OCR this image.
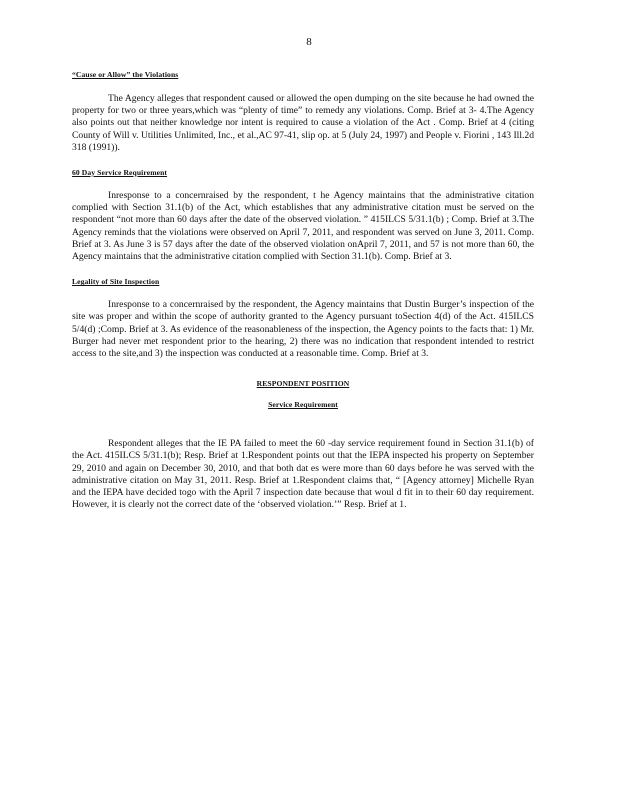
8
“Cause or Allow” the Violations

The Agency alleges that respondent caused or allowed the open dumping on the site because he had owned the property for two or three years,which was “plenty of time” to remedy any violations. Comp. Brief at 3- 4.The Agency also points out that neither knowledge nor intent is required to cause a violation of the Act . Comp. Brief at 4 (citing County of Will v. Utilities Unlimited, Inc., et al.,AC 97-41, slip op. at 5 (July 24, 1997) and People v. Fiorini , 143 Ill.2d 318 (1991)).

60 Day Service Requirement

Inresponse to a concernraised by the respondent, t he Agency maintains that the administrative citation complied with Section 31.1(b) of the Act, which establishes that any administrative citation must be served on the respondent “not more than 60 days after the date of the observed violation. ” 415ILCS 5/31.1(b) ; Comp. Brief at 3.The Agency reminds that the violations were observed on April 7, 2011, and respondent was served on June 3, 2011. Comp. Brief at 3. As June 3 is 57 days after the date of the observed violation onApril 7, 2011, and 57 is not more than 60, the Agency maintains that the administrative citation complied with Section 31.1(b). Comp. Brief at 3.

Legality of Site Inspection

Inresponse to a concernraised by the respondent, the Agency maintains that Dustin Burger’s inspection of the site was proper and within the scope of authority granted to the Agency pursuant toSection 4(d) of the Act. 415ILCS 5/4(d) ;Comp. Brief at 3. As evidence of the reasonableness of the inspection, the Agency points to the facts that: 1) Mr. Burger had never met respondent prior to the hearing, 2) there was no indication that respondent intended to restrict access to the site,and 3) the inspection was conducted at a reasonable time. Comp. Brief at 3.

RESPONDENT POSITION
Service Requirement

Respondent alleges that the IE PA failed to meet the 60 -day service requirement found in Section 31.1(b) of the Act. 415ILCS 5/31.1(b); Resp. Brief at 1.Respondent points out that the IEPA inspected his property on September 29, 2010 and again on December 30, 2010, and that both dat es were more than 60 days before he was served with the administrative citation on May 31, 2011. Resp. Brief at 1.Respondent claims that, “ [Agency attorney] Michelle Ryan and the IEPA have decided togo with the April 7 inspection date because that woul d fit in to their 60 day requirement. However, it is clearly not the correct date of the ‘observed violation.’” Resp. Brief at 1.
